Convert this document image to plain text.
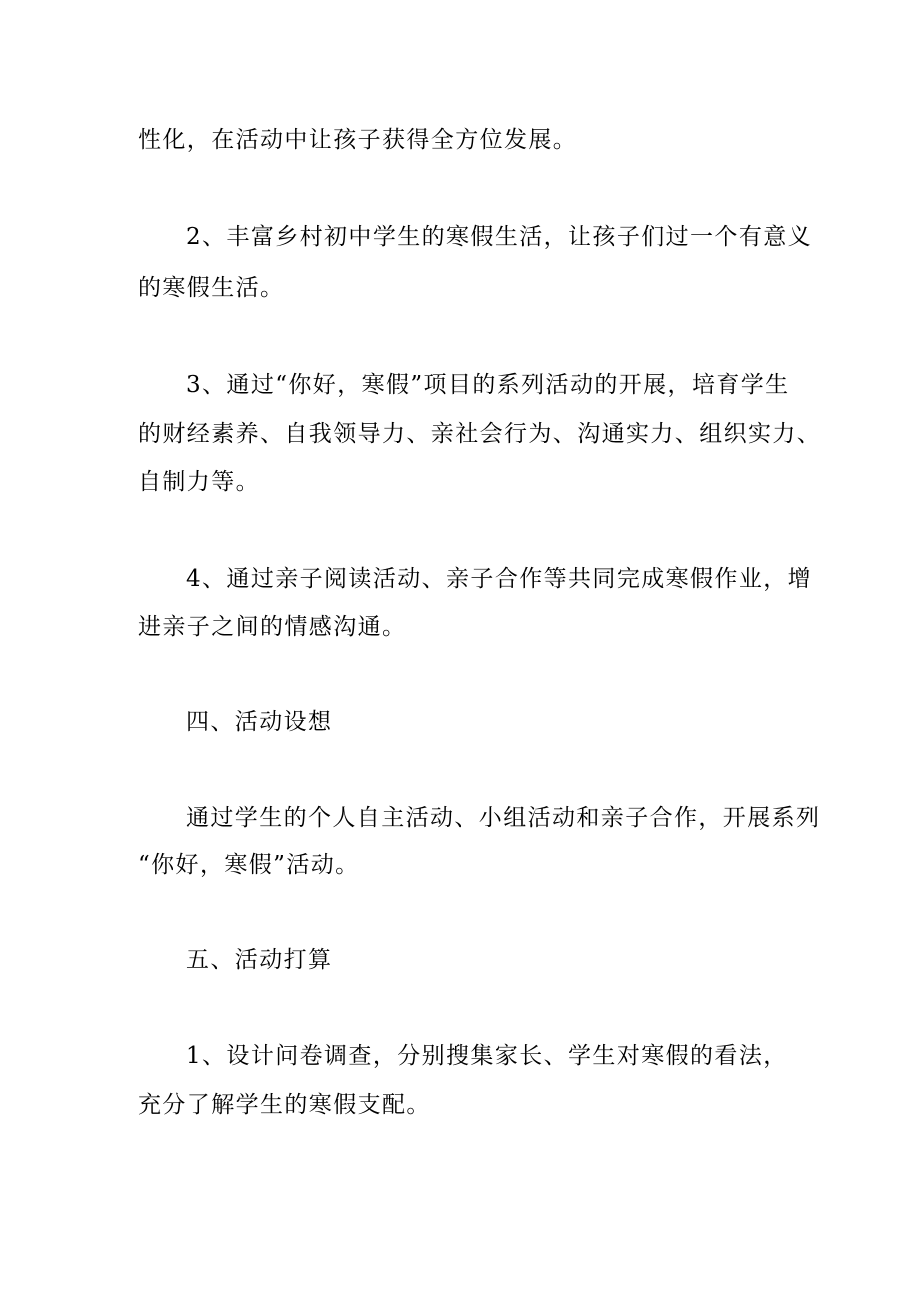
性化，在活动中让孩子获得全方位发展。
2、丰富乡村初中学生的寒假生活，让孩子们过一个有意义
的寒假生活。
3、通过“你好，寒假”项目的系列活动的开展，培育学生
的财经素养、自我领导力、亲社会行为、沟通实力、组织实力、
自制力等。
4、通过亲子阅读活动、亲子合作等共同完成寒假作业，增
进亲子之间的情感沟通。
四、活动设想
通过学生的个人自主活动、小组活动和亲子合作，开展系列
“你好，寒假”活动。
五、活动打算
1、设计问卷调查，分别搜集家长、学生对寒假的看法，
充分了解学生的寒假支配。
